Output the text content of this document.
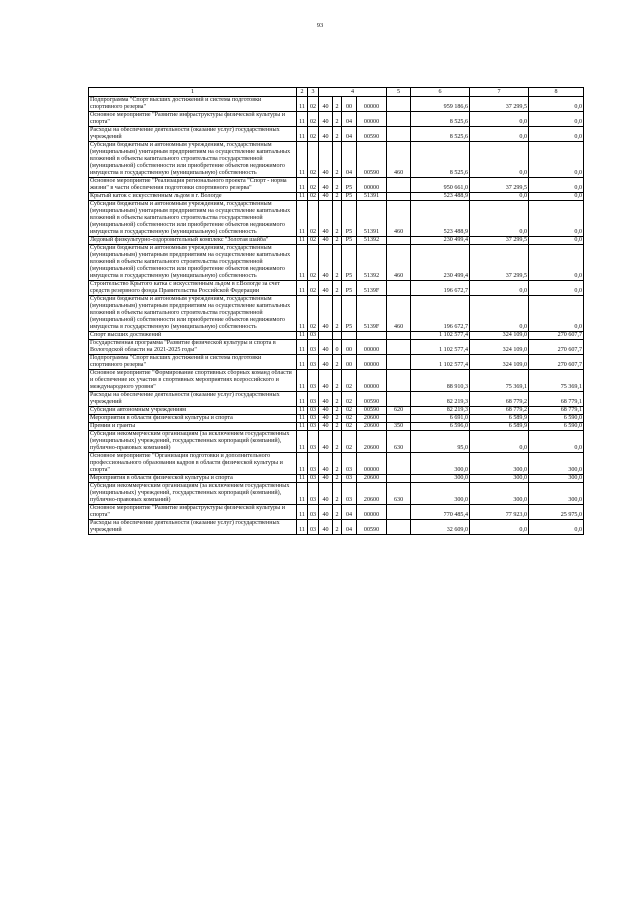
93
1	2	3	4				5	6	7	8
Подпрограмма "Спорт высших достижений и система подготовки спортивного резерва"	11	02	40	2	00	00000		959 186,6	37 299,5	0,0
Основное мероприятие "Развитие инфраструктуры физической культуры и спорта"	11	02	40	2	04	00000		8 525,6	0,0	0,0
Расходы на обеспечение деятельности (оказание услуг) государственных учреждений	11	02	40	2	04	00590		8 525,6	0,0	0,0
Субсидии бюджетным и автономным учреждениям, государственным (муниципальным) унитарным предприятиям на осуществление капитальных вложений в объекты капитального строительства государственной (муниципальной) собственности или приобретение объектов недвижимого имущества в государственную (муниципальную) собственность	11	02	40	2	04	00590	460	8 525,6	0,0	0,0
Основное мероприятие "Реализация регионального проекта "Спорт - норма жизни" в части обеспечения подготовки спортивного резерва"	11	02	40	2	P5	00000		950 661,0	37 299,5	0,0
Крытый каток с искусственным льдом в г. Вологде	11	02	40	2	P5	51391		523 488,9	0,0	0,0
Субсидии бюджетным и автономным учреждениям, государственным (муниципальным) унитарным предприятиям на осуществление капитальных вложений в объекты капитального строительства государственной (муниципальной) собственности или приобретение объектов недвижимого имущества в государственную (муниципальную) собственность	11	02	40	2	P5	51391	460	523 488,9	0,0	0,0
Ледовый физкультурно-оздоровительный комплекс "Золотая шайба"	11	02	40	2	P5	51392		230 499,4	37 299,5	0,0
Субсидии бюджетным и автономным учреждениям, государственным (муниципальным) унитарным предприятиям на осуществление капитальных вложений в объекты капитального строительства государственной (муниципальной) собственности или приобретение объектов недвижимого имущества в государственную (муниципальную) собственность	11	02	40	2	P5	51392	460	230 499,4	37 299,5	0,0
Строительство Крытого катка с искусственным льдом в г.Вологде за счет средств резервного фонда Правительства Российской Федерации	11	02	40	2	P5	5139F		196 672,7	0,0	0,0
Субсидии бюджетным и автономным учреждениям, государственным (муниципальным) унитарным предприятиям на осуществление капитальных вложений в объекты капитального строительства государственной (муниципальной) собственности или приобретение объектов недвижимого имущества в государственную (муниципальную) собственность	11	02	40	2	P5	5139F	460	196 672,7	0,0	0,0
Спорт высших достижений	11	03						1 102 577,4	324 109,0	270 607,7
Государственная программа "Развитие физической культуры и спорта в Вологодской области на 2021-2025 годы"	11	03	40	0	00	00000		1 102 577,4	324 109,0	270 607,7
Подпрограмма "Спорт высших достижений и система подготовки спортивного резерва"	11	03	40	2	00	00000		1 102 577,4	324 109,0	270 607,7
Основное мероприятие "Формирование спортивных сборных команд области и обеспечение их участия в спортивных мероприятиях всероссийского и международного уровня"	11	03	40	2	02	00000		88 910,3	75 369,1	75 369,1
Расходы на обеспечение деятельности (оказание услуг) государственных учреждений	11	03	40	2	02	00590		82 219,3	68 779,2	68 779,1
Субсидии автономным учреждениям	11	03	40	2	02	00590	620	82 219,3	68 779,2	68 779,1
Мероприятия в области физической культуры и спорта	11	03	40	2	02	20600		6 691,0	6 589,9	6 590,0
Премии и гранты	11	03	40	2	02	20600	350	6 596,0	6 589,9	6 590,0
Субсидии некоммерческим организациям (за исключением государственных (муниципальных) учреждений, государственных корпораций (компаний), публично-правовых компаний)	11	03	40	2	02	20600	630	95,0	0,0	0,0
Основное мероприятие "Организация подготовки и дополнительного профессионального образования кадров в области физической культуры и спорта"	11	03	40	2	03	00000		300,0	300,0	300,0
Мероприятия в области физической культуры и спорта	11	03	40	2	03	20600		300,0	300,0	300,0
Субсидии некоммерческим организациям (за исключением государственных (муниципальных) учреждений, государственных корпораций (компаний), публично-правовых компаний)	11	03	40	2	03	20600	630	300,0	300,0	300,0
Основное мероприятие "Развитие инфраструктуры физической культуры и спорта"	11	03	40	2	04	00000		770 485,4	77 923,0	25 975,0
Расходы на обеспечение деятельности (оказание услуг) государственных учреждений	11	03	40	2	04	00590		32 609,0	0,0	0,0
